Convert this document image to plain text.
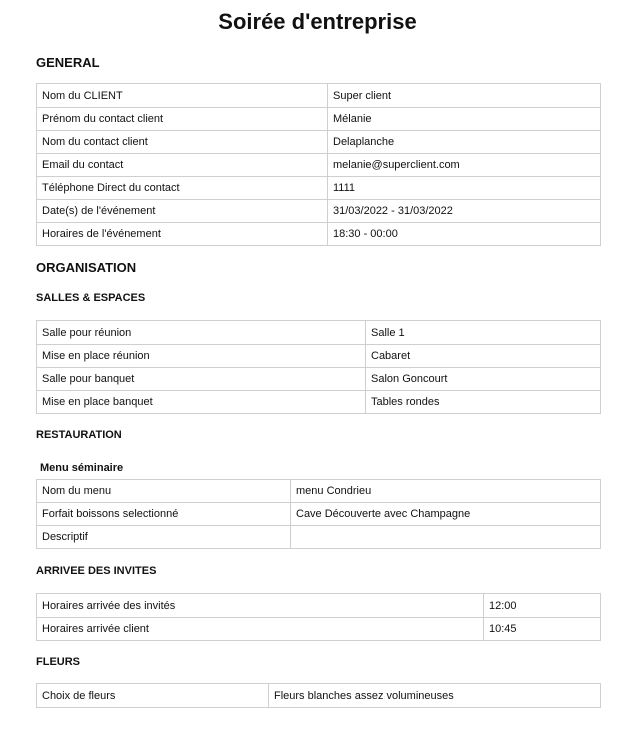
Soirée d'entreprise
GENERAL
Nom du CLIENT	Super client
Prénom du contact client	Mélanie
Nom du contact client	Delaplanche
Email du contact	melanie@superclient.com
Téléphone Direct du contact	1111
Date(s) de l'événement	31/03/2022 - 31/03/2022
Horaires de l'événement	18:30 - 00:00
ORGANISATION
SALLES & ESPACES
Salle pour réunion	Salle 1
Mise en place réunion	Cabaret
Salle pour banquet	Salon Goncourt
Mise en place banquet	Tables rondes
RESTAURATION
Menu séminaire
Nom du menu	menu Condrieu
Forfait boissons selectionné	Cave Découverte avec Champagne
Descriptif	
ARRIVEE DES INVITES
Horaires arrivée des invités	12:00
Horaires arrivée client	10:45
FLEURS
Choix de fleurs	Fleurs blanches assez volumineuses
